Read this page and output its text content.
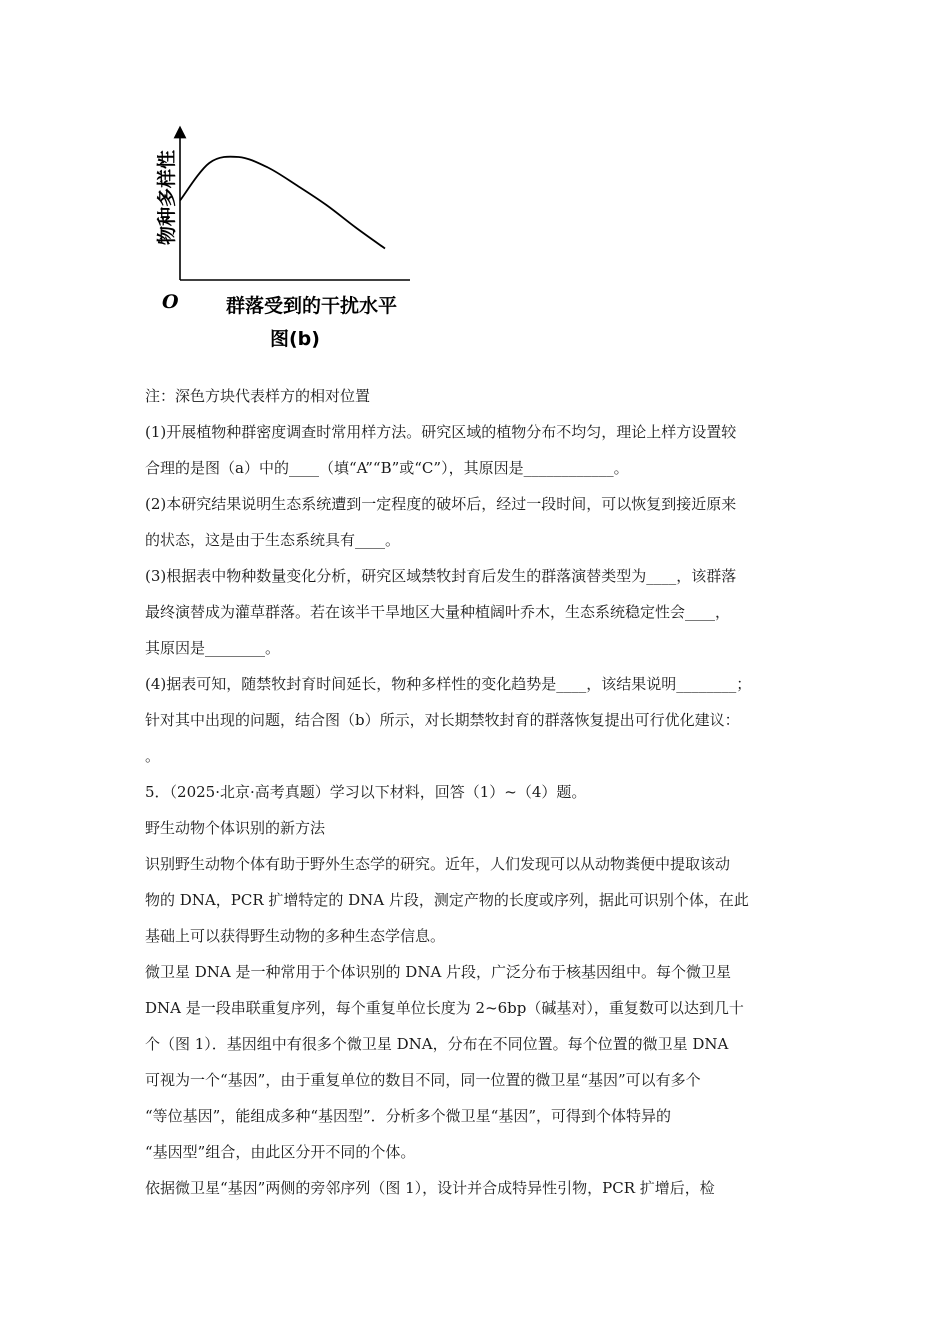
物种多样性
O 群落受到的干扰水平
图(b)
注：深色方块代表样方的相对位置
(1)开展植物种群密度调查时常用样方法。研究区域的植物分布不均匀，理论上样方设置较
合理的是图（a）中的____（填“A”“B”或“C”），其原因是____________。
(2)本研究结果说明生态系统遭到一定程度的破坏后，经过一段时间，可以恢复到接近原来
的状态，这是由于生态系统具有____。
(3)根据表中物种数量变化分析，研究区域禁牧封育后发生的群落演替类型为____，该群落
最终演替成为灌草群落。若在该半干旱地区大量种植阔叶乔木，生态系统稳定性会____，
其原因是________。
(4)据表可知，随禁牧封育时间延长，物种多样性的变化趋势是____，该结果说明________；
针对其中出现的问题，结合图（b）所示，对长期禁牧封育的群落恢复提出可行优化建议：
。
5．（2025·北京·高考真题）学习以下材料，回答（1）~（4）题。
野生动物个体识别的新方法
识别野生动物个体有助于野外生态学的研究。近年，人们发现可以从动物粪便中提取该动
物的 DNA，PCR 扩增特定的 DNA 片段，测定产物的长度或序列，据此可识别个体，在此
基础上可以获得野生动物的多种生态学信息。
微卫星 DNA 是一种常用于个体识别的 DNA 片段，广泛分布于核基因组中。每个微卫星
DNA 是一段串联重复序列，每个重复单位长度为 2~6bp（碱基对），重复数可以达到几十
个（图 1）．基因组中有很多个微卫星 DNA，分布在不同位置。每个位置的微卫星 DNA
可视为一个“基因”，由于重复单位的数目不同，同一位置的微卫星“基因”可以有多个
“等位基因”，能组成多种“基因型”．分析多个微卫星“基因”，可得到个体特异的
“基因型”组合，由此区分开不同的个体。
依据微卫星“基因”两侧的旁邻序列（图 1），设计并合成特异性引物，PCR 扩增后，检
